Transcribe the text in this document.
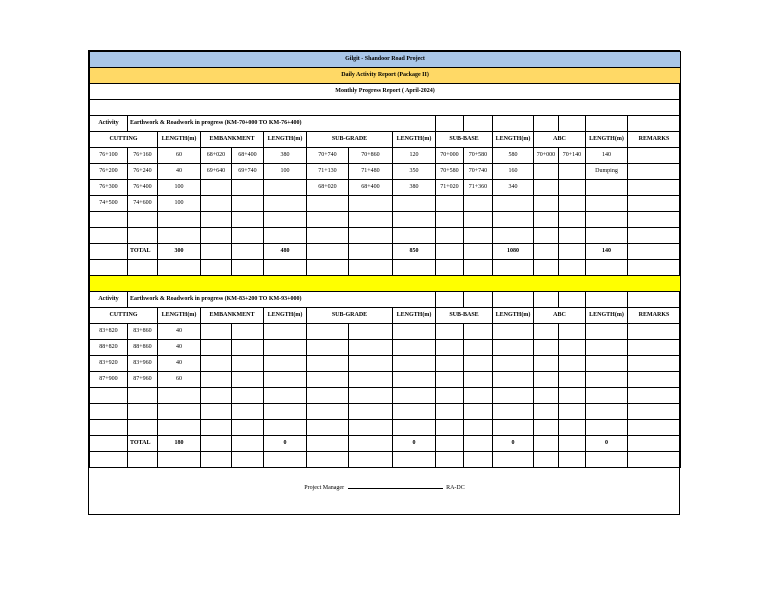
Gilgit - Shandoor Road Project															
Daily Activity Report (Package II)															
Monthly Progress Report ( April-2024)															

Activity	Earthwork & Roadwork in progress (KM-70+000 TO KM-76+400)														
CUTTING		LENGTH(m)	EMBANKMENT		LENGTH(m)	SUB-GRADE		LENGTH(m)	SUB-BASE		LENGTH(m)	ABC		LENGTH(m)	REMARKS
76+100	76+160	60	68+020	68+400	380	70+740	70+860	120	70+000	70+580	580	70+000	70+140	140	
76+200	76+240	40	69+640	69+740	100	71+130	71+480	350	70+580	70+740	160			Dumping	
76+300	76+400	100				68+020	68+400	380	71+020	71+360	340				
74+500	74+600	100													

	TOTAL	300			480			850			1080			140	

Activity	Earthwork & Roadwork in progress (KM-83+200 TO KM-93+000)														
CUTTING		LENGTH(m)	EMBANKMENT		LENGTH(m)	SUB-GRADE		LENGTH(m)	SUB-BASE		LENGTH(m)	ABC		LENGTH(m)	REMARKS
83+820	83+860	40													
88+820	88+860	40													
83+920	83+960	40													
87+900	87+960	60													

	TOTAL	180			0			0			0			0	

Project Manager	RA-DC
